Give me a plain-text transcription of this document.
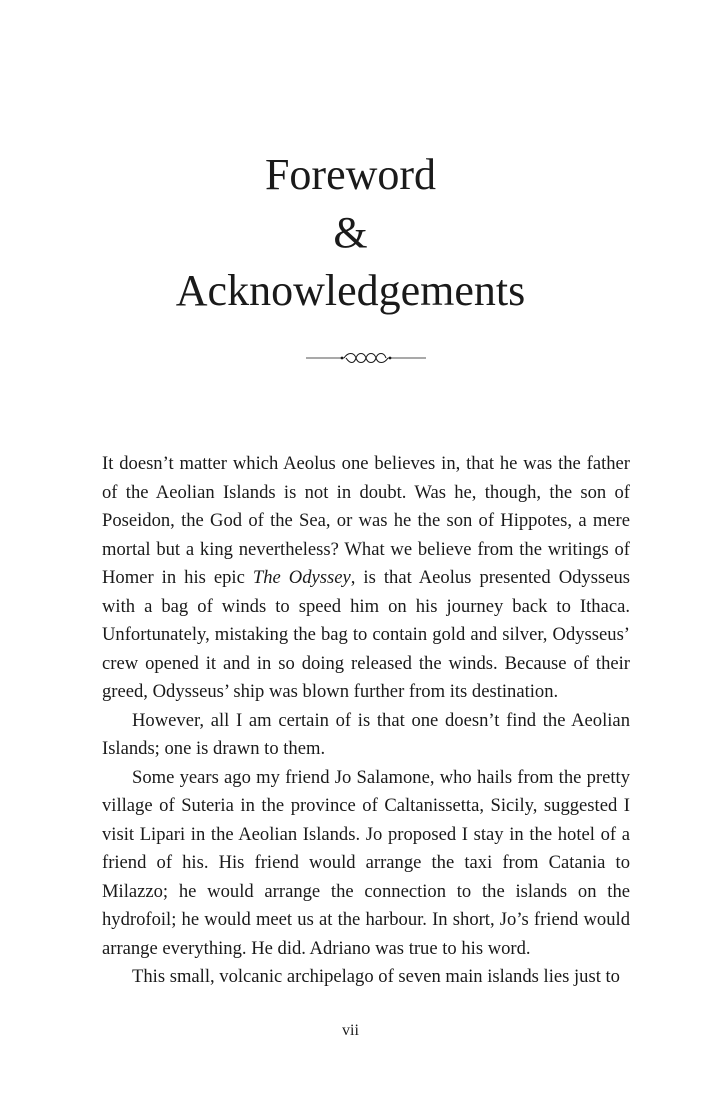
Foreword
&
Acknowledgements

It doesn’t matter which Aeolus one believes in, that he was the father of the Aeolian Islands is not in doubt. Was he, though, the son of Poseidon, the God of the Sea, or was he the son of Hippotes, a mere mortal but a king nevertheless? What we believe from the writings of Homer in his epic The Odyssey, is that Aeolus presented Odysseus with a bag of winds to speed him on his journey back to Ithaca. Unfortunately, mistaking the bag to contain gold and silver, Odysseus’ crew opened it and in so doing released the winds. Because of their greed, Odysseus’ ship was blown further from its destination.

However, all I am certain of is that one doesn’t find the Aeolian Islands; one is drawn to them.

Some years ago my friend Jo Salamone, who hails from the pretty village of Suteria in the province of Caltanissetta, Sicily, suggested I visit Lipari in the Aeolian Islands. Jo proposed I stay in the hotel of a friend of his. His friend would arrange the taxi from Catania to Milazzo; he would arrange the connection to the islands on the hydrofoil; he would meet us at the harbour. In short, Jo’s friend would arrange everything. He did. Adriano was true to his word.

This small, volcanic archipelago of seven main islands lies just to

vii
